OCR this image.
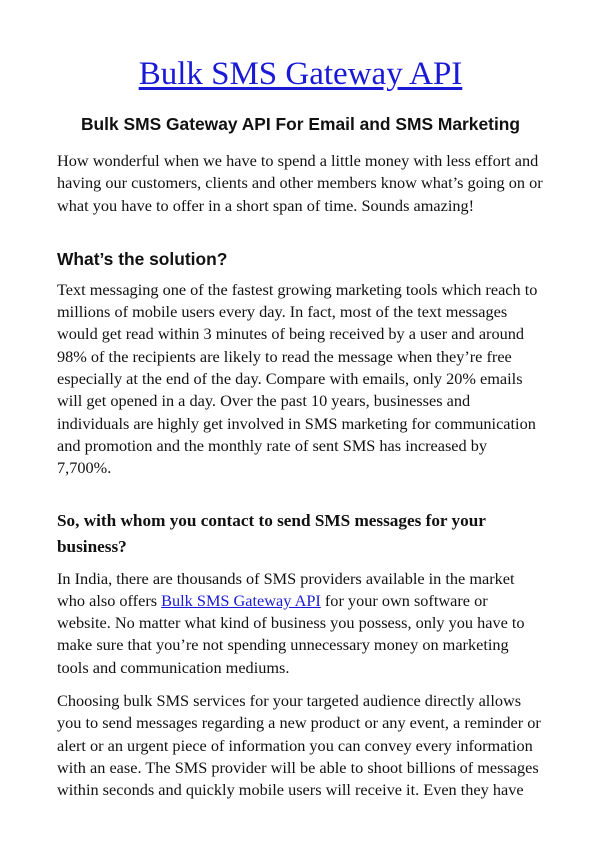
Bulk SMS Gateway API
Bulk SMS Gateway API For Email and SMS Marketing

How wonderful when we have to spend a little money with less effort and having our customers, clients and other members know what’s going on or what you have to offer in a short span of time. Sounds amazing!

What’s the solution?

Text messaging one of the fastest growing marketing tools which reach to millions of mobile users every day. In fact, most of the text messages would get read within 3 minutes of being received by a user and around 98% of the recipients are likely to read the message when they’re free especially at the end of the day. Compare with emails, only 20% emails will get opened in a day. Over the past 10 years, businesses and individuals are highly get involved in SMS marketing for communication and promotion and the monthly rate of sent SMS has increased by 7,700%.

So, with whom you contact to send SMS messages for your business?

In India, there are thousands of SMS providers available in the market who also offers Bulk SMS Gateway API for your own software or website. No matter what kind of business you possess, only you have to make sure that you’re not spending unnecessary money on marketing tools and communication mediums.

Choosing bulk SMS services for your targeted audience directly allows you to send messages regarding a new product or any event, a reminder or alert or an urgent piece of information you can convey every information with an ease. The SMS provider will be able to shoot billions of messages within seconds and quickly mobile users will receive it. Even they have
